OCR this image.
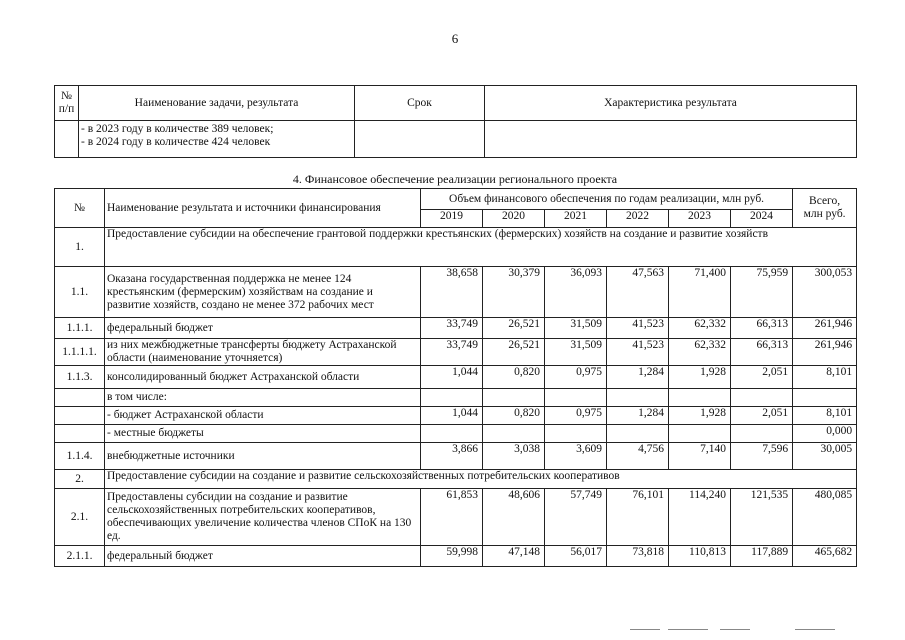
6
№
п/п	Наименование задачи, результата	Срок	Характеристика результата

	- в 2023 году в количестве 389 человек;
- в 2024 году в количестве 424 человек		

4. Финансовое обеспечение реализации регионального проекта
№	Наименование результата и источники финансирования	Объем финансового обеспечения по годам реализации, млн руб.						Всего,
млн руб.
		2019	2020	2021	2022	2023	2024	
1.	Предоставление субсидии на обеспечение грантовой поддержки крестьянских (фермерских) хозяйств на создание и развитие хозяйств							
1.1.	Оказана государственная поддержка не менее 124 крестьянским (фермерским) хозяйствам на создание и развитие хозяйств, создано не менее 372 рабочих мест	38,658	30,379	36,093	47,563	71,400	75,959	300,053
1.1.1.	федеральный бюджет	33,749	26,521	31,509	41,523	62,332	66,313	261,946
1.1.1.1.	из них межбюджетные трансферты бюджету Астраханской области (наименование уточняется)	33,749	26,521	31,509	41,523	62,332	66,313	261,946
1.1.3.	консолидированный бюджет Астраханской области	1,044	0,820	0,975	1,284	1,928	2,051	8,101
	в том числе:							
	- бюджет Астраханской области	1,044	0,820	0,975	1,284	1,928	2,051	8,101
	- местные бюджеты							0,000
1.1.4.	внебюджетные источники	3,866	3,038	3,609	4,756	7,140	7,596	30,005
2.	Предоставление субсидии на создание и развитие сельскохозяйственных потребительских кооперативов							
2.1.	Предоставлены субсидии на создание и развитие сельскохозяйственных потребительских кооперативов, обеспечивающих увеличение количества членов СПоК на 130 ед.	61,853	48,606	57,749	76,101	114,240	121,535	480,085
2.1.1.	федеральный бюджет	59,998	47,148	56,017	73,818	110,813	117,889	465,682
